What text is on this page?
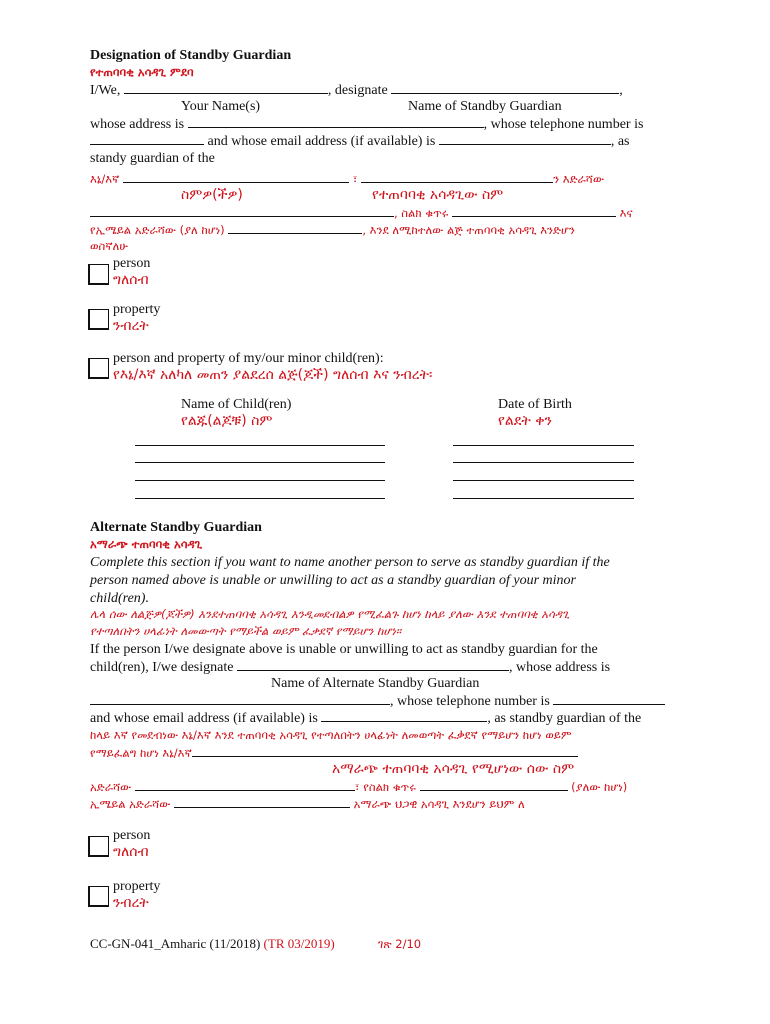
Designation of Standby Guardian
የተጠባባቂ አሳዳጊ ምደባ
I/We,	, designate	,
Your Name(s)	Name of Standby Guardian
whose address is	, whose telephone number is
and whose email address (if available) is	, as
standy guardian of the
እኔ/እኛ	፣	ን እድራሻው
ስምዎ(ችዎ)	የተጠባባቂ አሳዳጊው ስም
, ስልክ ቁጥሩ	እና
የኢሜይል አድራሻው (ያለ ከሆነ)	, እንደ ለሚከተለው ልጅ ተጠባባቂ አሳዳጊ እንድሆን
ወስኛለሁ
person
ግለሰብ
property
ንብረት
person and property of my/our minor child(ren):
የእኔ/እኛ አለካለ መጠን ያልደረሰ ልጅ(ጆች) ግለሰብ እና ንብረት፡
Name of Child(ren)
የልጁ(ልጆቹ) ስም
Date of Birth
የልደት ቀን
Alternate Standby Guardian
አማራጭ ተጠባባቂ አሳዳጊ
Complete this section if you want to name another person to serve as standby guardian if the
person named above is unable or unwilling to act as a standby guardian of your minor
child(ren).
ሌላ ሰው ለልጅዎ(ጆችዎ) እንደተጠባባቂ አሳዳጊ እንዲመደብልዎ የሚፈልጉ ከሆነ ከላይ ያለው እንደ ተጠባባቂ አሳዳጊ
የተጣለበትን ሀላፊነት ለመውጣት የማይችል ወይም ፈቃደኛ የማይሆን ከሆነ።
If the person I/we designate above is unable or unwilling to act as standby guardian for the
child(ren), I/we designate	, whose address is
Name of Alternate Standby Guardian
, whose telephone number is
and whose email address (if available) is	, as standby guardian of the
ከላይ እኛ የመደብነው እኔ/እኛ እንደ ተጠባባቂ አሳዳጊ የተጣለበትን ሀላፊነት ለመወጣት ፈቃደኛ የማይሆን ከሆነ ወይም
የማይፈልግ ከሆነ እኔ/እኛ
አማራጭ ተጠባባቂ አሳዳጊ የሚሆነው ሰው ስም
አድራሻው	፣ የስልክ ቁጥሩ	(ያለው ከሆነ)
ኢሜይል አድራሻው	አማራጭ ህጋዊ አሳዳጊ እንደሆን ይህም ለ
person
ግለሰብ
property
ንብረት
CC-GN-041_Amharic (11/2018) (TR 03/2019)	ገጽ 2/10
